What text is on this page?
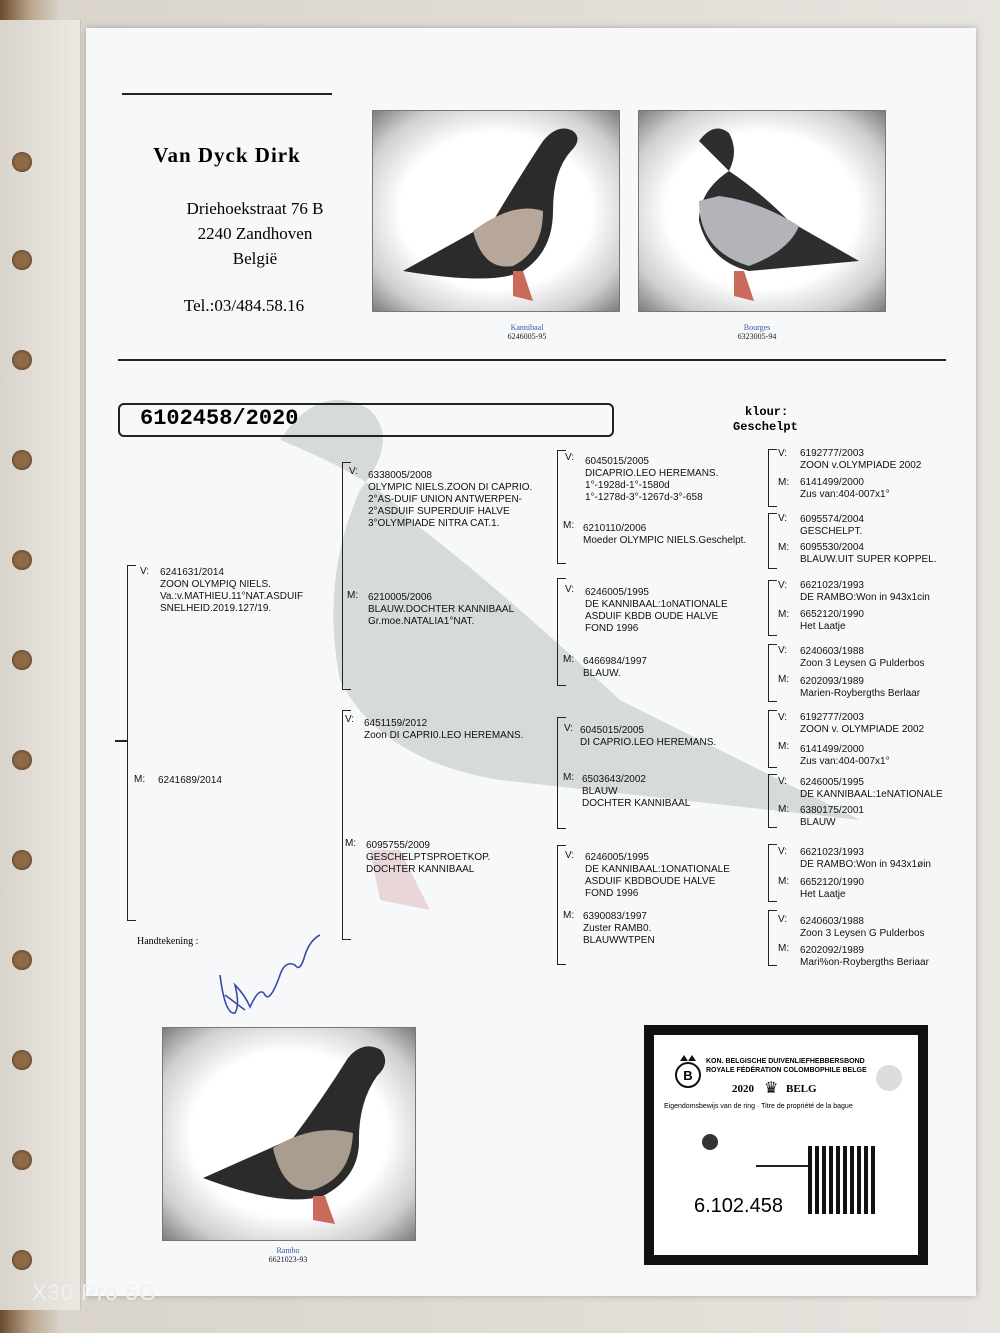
Van Dyck Dirk
Driehoekstraat 76 B
2240 Zandhoven
België
Tel.:03/484.58.16
Kannibaal
6246005-95
Bourges
6323005-94
6102458/2020	klour:
Geschelpt
V: 6241631/2014
ZOON OLYMPIQ NIELS.
Va.:v.MATHIEU.11°NAT.ASDUIF
SNELHEID.2019.127/19.
M: 6241689/2014
V: 6338005/2008
OLYMPIC NIELS.ZOON DI CAPRIO.
2°AS-DUIF UNION ANTWERPEN-
2°ASDUIF SUPERDUIF HALVE
3°OLYMPIADE NITRA CAT.1.
M: 6210005/2006
BLAUW.DOCHTER KANNIBAAL
Gr.moe.NATALIA1°NAT.
V: 6451159/2012
Zoon DI CAPRI0.LEO HEREMANS.
M: 6095755/2009
GESCHELPTSPROETKOP.
DOCHTER KANNIBAAL
V: 6045015/2005
DICAPRIO.LEO HEREMANS.
1°-1928d-1°-1580d
1°-1278d-3°-1267d-3°-658
M: 6210110/2006
Moeder OLYMPIC NIELS.Geschelpt.
V: 6246005/1995
DE KANNIBAAL:1oNATIONALE
ASDUIF KBDB OUDE HALVE
FOND 1996
M: 6466984/1997
BLAUW.
V: 6045015/2005
DI CAPRIO.LEO HEREMANS.
M: 6503643/2002
BLAUW
DOCHTER KANNIBAAL
V: 6246005/1995
DE KANNIBAAL:1ONATIONALE
ASDUIF KBDBOUDE HALVE
FOND 1996
M: 6390083/1997
Zuster RAMB0.
BLAUWWTPEN
V: 6192777/2003
ZOON v.OLYMPIADE 2002
M: 6141499/2000
Zus van:404-007x1°
V: 6095574/2004
GESCHELPT.
M: 6095530/2004
BLAUW.UIT SUPER KOPPEL.
V: 6621023/1993
DE RAMBO:Won in 943x1cin
M: 6652120/1990
Het Laatje
V: 6240603/1988
Zoon 3 Leysen G Pulderbos
M: 6202093/1989
Marien-Roybergths Berlaar
V: 6192777/2003
ZOON v. OLYMPIADE 2002
M: 6141499/2000
Zus van:404-007x1°
V: 6246005/1995
DE KANNIBAAL:1eNATIONALE
M: 6380175/2001
BLAUW
V: 6621023/1993
DE RAMBO:Won in 943x1øin
M: 6652120/1990
Het Laatje
V: 6240603/1988
Zoon 3 Leysen G Pulderbos
M: 6202092/1989
Mari%on-Roybergths Beriaar
Handtekening :
Rambo
6621023-93
B
KON. BELGISCHE DUIVENLIEFHEBBERSBOND
ROYALE FÉDÉRATION COLOMBOPHILE BELGE
2020 ♛ BELG
Eigendomsbewijs van de ring · Titre de propriété de la bague
6.102.458
X30 Pro 5G
